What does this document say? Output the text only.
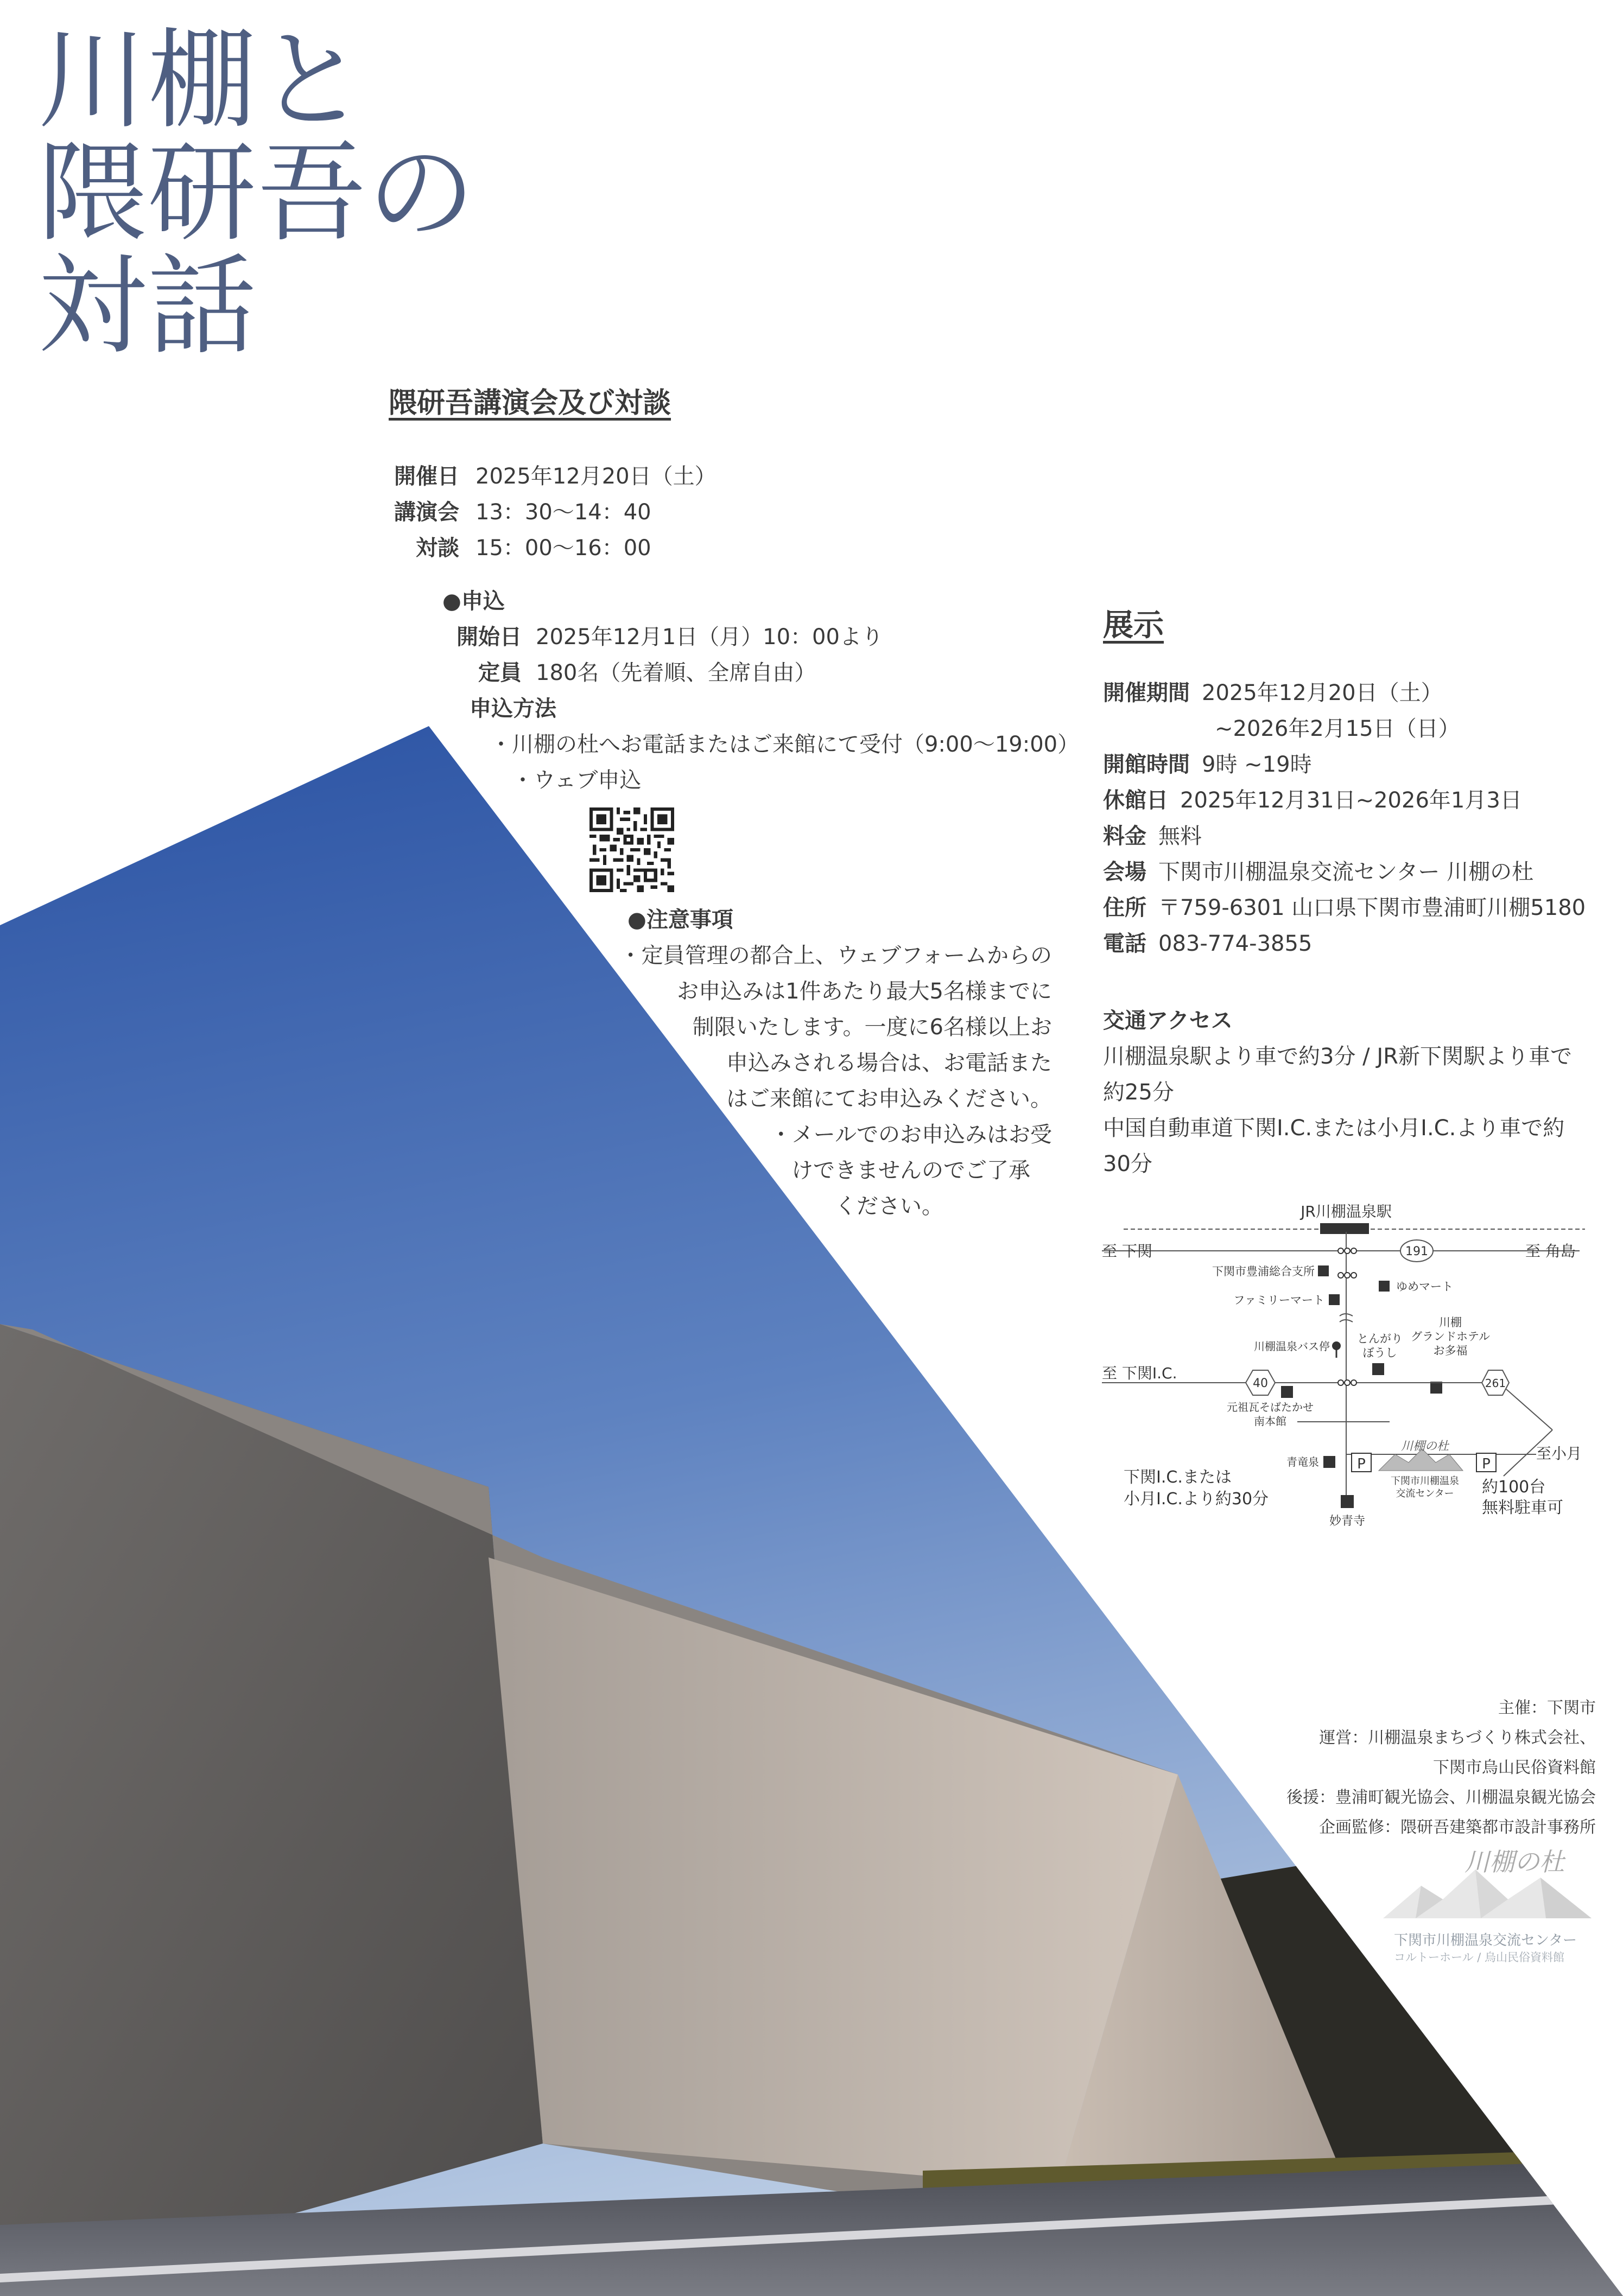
川棚と
隈研吾の
対話
隈研吾講演会及び対談
開催日 2025年12月20日（土）
講演会 13：30〜14：40
対談 15：00〜16：00
●申込
開始日 2025年12月1日（月）10：00より
定員 180名（先着順、全席自由）
申込方法
・川棚の杜へお電話またはご来館にて受付（9:00〜19:00）
・ウェブ申込
●注意事項

・定員管理の都合上、ウェブフォームからの

お申込みは1件あたり最大5名様までに

制限いたします。一度に6名様以上お

申込みされる場合は、お電話また

はご来館にてお申込みください。

・メールでのお申込みはお受

けできませんのでご了承

ください。

展示
開催期間 2025年12月20日（土）
~2026年2月15日（日）
開館時間 9時 ~19時
休館日 2025年12月31日~2026年1月3日
料金 無料
会場 下関市川棚温泉交流センター 川棚の杜
住所 〒759-6301 山口県下関市豊浦町川棚5180
電話 083-774-3855
交通アクセス
川棚温泉駅より車で約3分 / JR新下関駅より車で
約25分
中国自動車道下関I.C.または小月I.C.より車で約
30分
JR川棚温泉駅
至 下関	至 角島
191
下関市豊浦総合支所
ゆめマート
ファミリーマート
川棚温泉バス停
とんがり
ぼうし
川棚
グランドホテル
お多福
至 下関I.C.
40	261
元祖瓦そばたかせ
南本館
青竜泉	P
川棚の杜
下関市川棚温泉
交流センター
P
至小月
下関I.C.または
小月I.C.より約30分
約100台
無料駐車可
妙青寺
主催：下関市
運営：川棚温泉まちづくり株式会社、
下関市烏山民俗資料館
後援：豊浦町観光協会、川棚温泉観光協会
企画監修：隈研吾建築都市設計事務所
川棚の杜
下関市川棚温泉交流センター
コルトーホール / 烏山民俗資料館
